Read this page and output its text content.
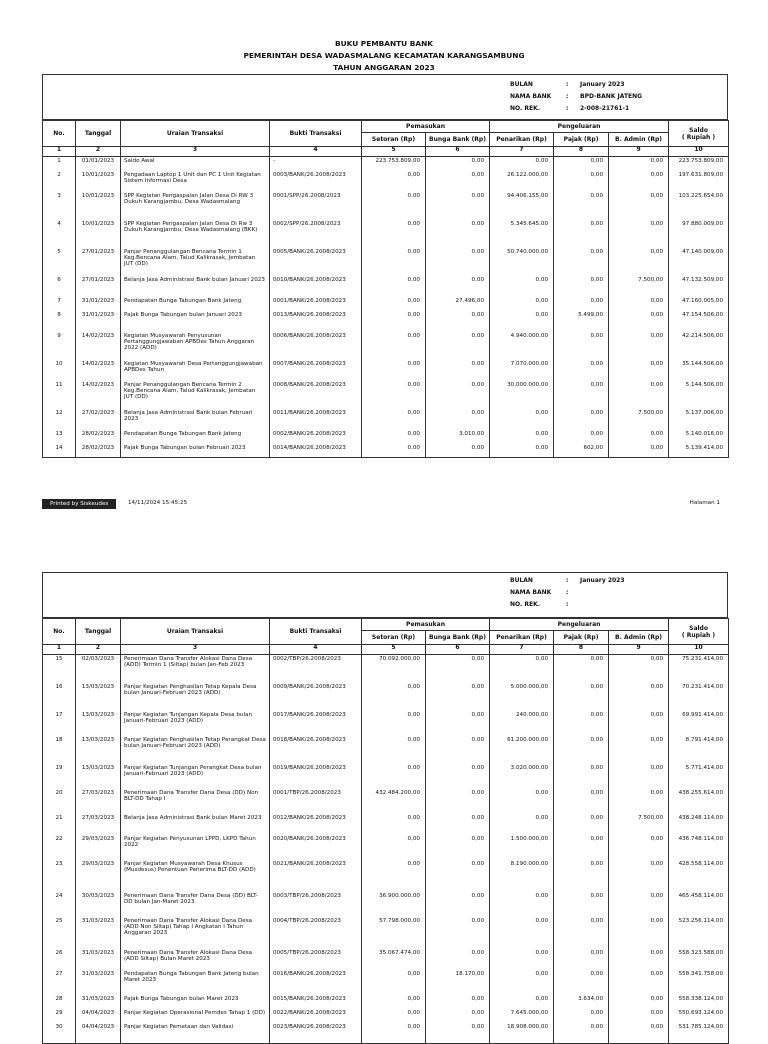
BUKU PEMBANTU BANK
PEMERINTAH DESA WADASMALANG KECAMATAN KARANGSAMBUNG
TAHUN ANGGARAN 2023
BULAN	:	January 2023
NAMA BANK	:	BPD-BANK JATENG
NO. REK.	:	2-008-21761-1
No.	Tanggal	Uraian Transaksi	Bukti Transaksi	Pemasukan		Pengeluaran			Saldo
( Rupiah )
				Setoran (Rp)	Bunga Bank (Rp)	Penarikan (Rp)	Pajak (Rp)	B. Admin (Rp)	
1	2	3	4	5	6	7	8	9	10
1	01/01/2023	Saldo Awal	-	223.753.809,00	0,00	0,00	0,00	0,00	223.753.809,00
2	10/01/2023	Pengadaan Laptop 1 Unit dan PC 1 Unit Kegiatan Sistem Informasi Desa	0003/BANK/26.2008/2023	0,00	0,00	26.122.000,00	0,00	0,00	197.631.809,00
3	10/01/2023	SPP Kegiatan Pengaspalan Jalan Desa Di RW 3 Dukuh Karangjambu, Desa Wadasmalang	0001/SPP/26.2008/2023	0,00	0,00	94.406.155,00	0,00	0,00	103.225.654,00
4	10/01/2023	SPP Kegiatan Pengaspalan Jalan Desa Di Rw 3 Dukuh Karangjambu, Desa Wadasmalang (BKK)	0002/SPP/26.2008/2023	0,00	0,00	5.345.645,00	0,00	0,00	97.880.009,00
5	27/01/2023	Panjar Penanggulangan Bencana Termin 1 Keg.Bencana Alam, Talud Kalikrasak, Jembatan JUT (DD)	0005/BANK/26.2008/2023	0,00	0,00	50.740.000,00	0,00	0,00	47.140.009,00
6	27/01/2023	Belanja Jasa Administrasi Bank bulan Januari 2023	0010/BANK/26.2008/2023	0,00	0,00	0,00	0,00	7.500,00	47.132.509,00
7	31/01/2023	Pendapatan Bunga Tabungan Bank Jateng	0001/BANK/26.2008/2023	0,00	27.496,00	0,00	0,00	0,00	47.160.005,00
8	31/01/2023	Pajak Bunga Tabungan bulan Januari 2023	0013/BANK/26.2008/2023	0,00	0,00	0,00	5.499,00	0,00	47.154.506,00
9	14/02/2023	Kegiatan Musyawarah Penyusunan Pertanggungjawaban APBDes Tahun Anggaran 2022 (ADD)	0006/BANK/26.2008/2023	0,00	0,00	4.940.000,00	0,00	0,00	42.214.506,00
10	14/02/2023	Kegiatan Musyawarah Desa Pertanggungjawaban APBDes Tahun	0007/BANK/26.2008/2023	0,00	0,00	7.070.000,00	0,00	0,00	35.144.506,00
11	14/02/2023	Panjar Penanggulangan Bencana Termin 2 Keg.Bencana Alam, Talud Kalikrasak, Jembatan JUT (DD)	0008/BANK/26.2008/2023	0,00	0,00	30.000.000,00	0,00	0,00	5.144.506,00
12	27/02/2023	Belanja Jasa Administrasi Bank bulan Februari 2023	0011/BANK/26.2008/2023	0,00	0,00	0,00	0,00	7.500,00	5.137.006,00
13	28/02/2023	Pendapatan Bunga Tabungan Bank Jateng	0002/BANK/26.2008/2023	0,00	3.010,00	0,00	0,00	0,00	5.140.016,00
14	28/02/2023	Pajak Bunga Tabungan bulan Februari 2023	0014/BANK/26.2008/2023	0,00	0,00	0,00	602,00	0,00	5.139.414,00
Printed by Siskeudes	14/11/2024 15:45:25	Halaman 1
BULAN	:	January 2023
NAMA BANK	:
NO. REK.	:
No.	Tanggal	Uraian Transaksi	Bukti Transaksi	Pemasukan		Pengeluaran			Saldo
( Rupiah )
				Setoran (Rp)	Bunga Bank (Rp)	Penarikan (Rp)	Pajak (Rp)	B. Admin (Rp)	
1	2	3	4	5	6	7	8	9	10
15	02/03/2023	Penerimaan Dana Transfer Alokasi Dana Desa (ADD) Termin 1 (Siltap) bulan Jan-Feb 2023	0002/TBP/26.2008/2023	70.092.000,00	0,00	0,00	0,00	0,00	75.231.414,00
16	13/03/2023	Panjar Kegiatan Penghasilan Tetap Kepala Desa bulan Januari-Februari 2023 (ADD)	0009/BANK/26.2008/2023	0,00	0,00	5.000.000,00	0,00	0,00	70.231.414,00
17	13/03/2023	Panjar Kegiatan Tunjangan Kepala Desa bulan Januari-Februari 2023 (ADD)	0017/BANK/26.2008/2023	0,00	0,00	240.000,00	0,00	0,00	69.991.414,00
18	13/03/2023	Panjar Kegiatan Penghasilan Tetap Perangkat Desa bulan Januari-Februari 2023 (ADD)	0018/BANK/26.2008/2023	0,00	0,00	61.200.000,00	0,00	0,00	8.791.414,00
19	13/03/2023	Panjar Kegiatan Tunjangan Perangkat Desa bulan Januari-Februari 2023 (ADD)	0019/BANK/26.2008/2023	0,00	0,00	3.020.000,00	0,00	0,00	5.771.414,00
20	27/03/2023	Penerimaan Dana Transfer Dana Desa (DD) Non BLT-DD Tahap I	0001/TBP/26.2008/2023	432.484.200,00	0,00	0,00	0,00	0,00	438.255.614,00
21	27/03/2023	Belanja Jasa Administrasi Bank bulan Maret 2023	0012/BANK/26.2008/2023	0,00	0,00	0,00	0,00	7.500,00	438.248.114,00
22	29/03/2023	Panjar Kegiatan Penyusunan LPPD, LKPD Tahun 2022	0020/BANK/26.2008/2023	0,00	0,00	1.500.000,00	0,00	0,00	436.748.114,00
23	29/03/2023	Panjar Kegiatan Musyawarah Desa Khusus (Musdesus) Penentuan Penerima BLT-DD (ADD)	0021/BANK/26.2008/2023	0,00	0,00	8.190.000,00	0,00	0,00	428.558.114,00
24	30/03/2023	Penerimaan Dana Transfer Dana Desa (DD) BLT-DD bulan Jan-Maret 2023	0003/TBP/26.2008/2023	36.900.000,00	0,00	0,00	0,00	0,00	465.458.114,00
25	31/03/2023	Penerimaan Dana Transfer Alokasi Dana Desa (ADD Non Siltap) Tahap I Angkatan I Tahun Anggaran 2023	0004/TBP/26.2008/2023	57.798.000,00	0,00	0,00	0,00	0,00	523.256.114,00
26	31/03/2023	Penerimaan Dana Transfer Alokasi Dana Desa (ADD Siltap) Bulan Maret 2023	0005/TBP/26.2008/2023	35.067.474,00	0,00	0,00	0,00	0,00	558.323.588,00
27	31/03/2023	Pendapatan Bunga Tabungan Bank Jateng bulan Maret 2023	0016/BANK/26.2008/2023	0,00	18.170,00	0,00	0,00	0,00	558.341.758,00
28	31/03/2023	Pajak Bunga Tabungan bulan Maret 2023	0015/BANK/26.2008/2023	0,00	0,00	0,00	3.634,00	0,00	558.338.124,00
29	04/04/2023	Panjar Kegiatan Operasional Pemdes Tahap 1 (DD)	0022/BANK/26.2008/2023	0,00	0,00	7.645.000,00	0,00	0,00	550.693.124,00
30	04/04/2023	Panjar Kegiatan Pemetaan dan Validasi	0023/BANK/26.2008/2023	0,00	0,00	18.908.000,00	0,00	0,00	531.785.124,00
